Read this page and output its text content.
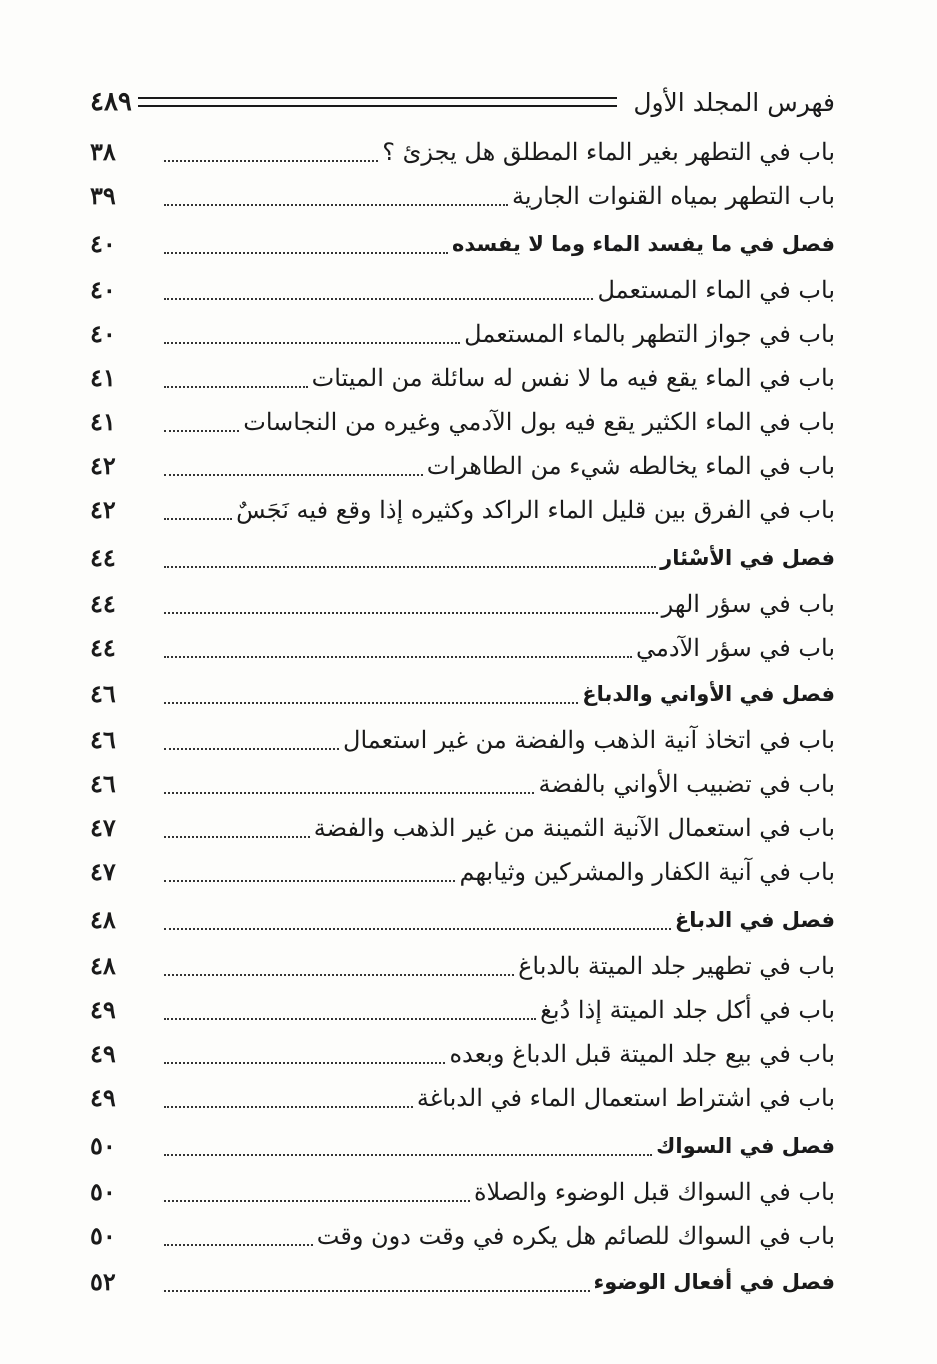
فهرس المجلد الأول
٤٨٩
باب في التطهر بغير الماء المطلق هل يجزئ ؟
٣٨
باب التطهر بمياه القنوات الجارية
٣٩
فصل في ما يفسد الماء وما لا يفسده
٤٠
باب في الماء المستعمل
٤٠
باب في جواز التطهر بالماء المستعمل
٤٠
باب في الماء يقع فيه ما لا نفس له سائلة من الميتات
٤١
باب في الماء الكثير يقع فيه بول الآدمي وغيره من النجاسات
٤١
باب في الماء يخالطه شيء من الطاهرات
٤٢
باب في الفرق بين قليل الماء الراكد وكثيره إذا وقع فيه نَجَسٌ
٤٢
فصل في الأسْئار
٤٤
باب في سؤر الهر
٤٤
باب في سؤر الآدمي
٤٤
فصل في الأواني والدباغ
٤٦
باب في اتخاذ آنية الذهب والفضة من غير استعمال
٤٦
باب في تضبيب الأواني بالفضة
٤٦
باب في استعمال الآنية الثمينة من غير الذهب والفضة
٤٧
باب في آنية الكفار والمشركين وثيابهم
٤٧
فصل في الدباغ
٤٨
باب في تطهير جلد الميتة بالدباغ
٤٨
باب في أكل جلد الميتة إذا دُبغ
٤٩
باب في بيع جلد الميتة قبل الدباغ وبعده
٤٩
باب في اشتراط استعمال الماء في الدباغة
٤٩
فصل في السواك
٥٠
باب في السواك قبل الوضوء والصلاة
٥٠
باب في السواك للصائم هل يكره في وقت دون وقت
٥٠
فصل في أفعال الوضوء
٥٢
